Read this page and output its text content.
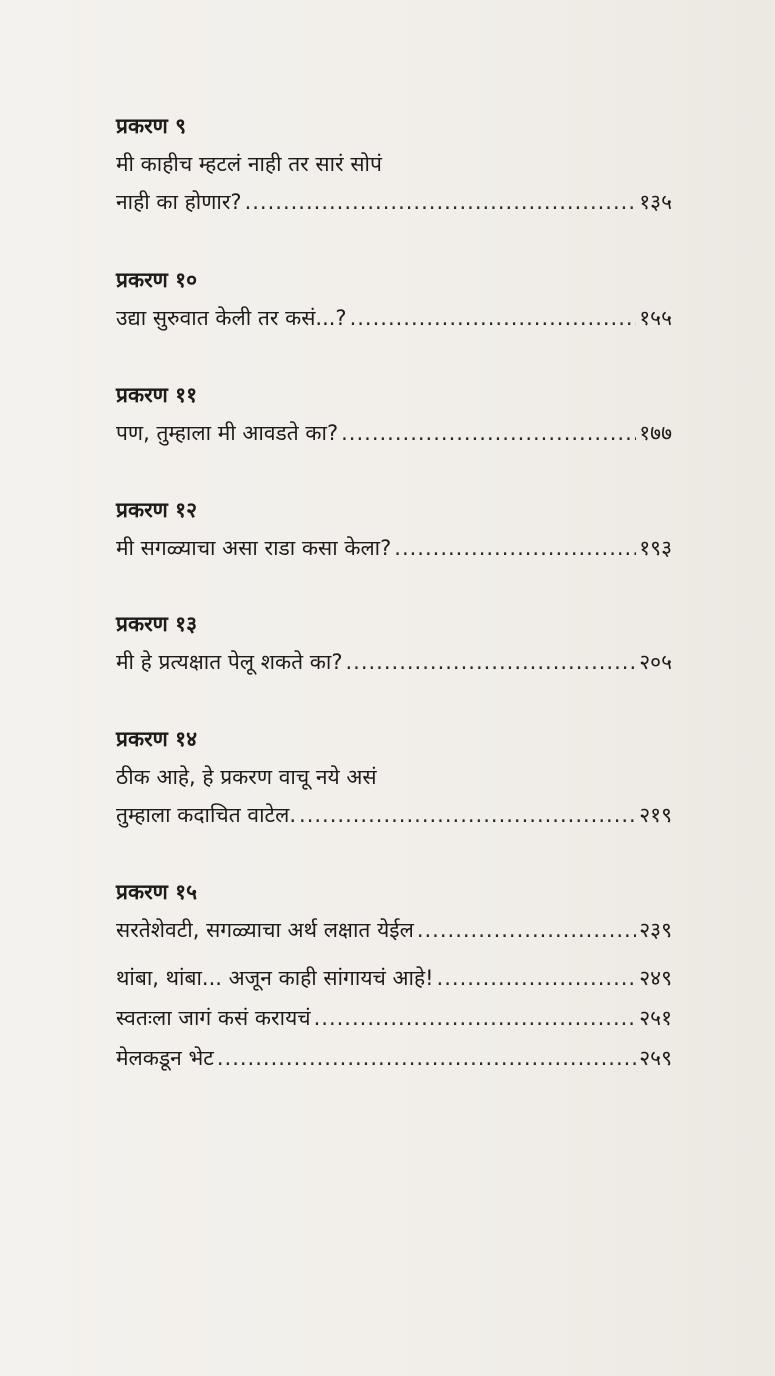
प्रकरण ९
मी काहीच म्हटलं नाही तर सारं सोपं
नाही का होणार? .....	१३५
प्रकरण १०
उद्या सुरुवात केली तर कसं...? .....	१५५
प्रकरण ११
पण, तुम्हाला मी आवडते का? .....	१७७
प्रकरण १२
मी सगळ्याचा असा राडा कसा केला? .....	१९३
प्रकरण १३
मी हे प्रत्यक्षात पेलू शकते का? .....	२०५
प्रकरण १४
ठीक आहे, हे प्रकरण वाचू नये असं
तुम्हाला कदाचित वाटेल. .....	२१९
प्रकरण १५
सरतेशेवटी, सगळ्याचा अर्थ लक्षात येईल .....	२३९
थांबा, थांबा... अजून काही सांगायचं आहे! .....	२४९
स्वतःला जागं कसं करायचं .....	२५१
मेलकडून भेट .....	२५९
